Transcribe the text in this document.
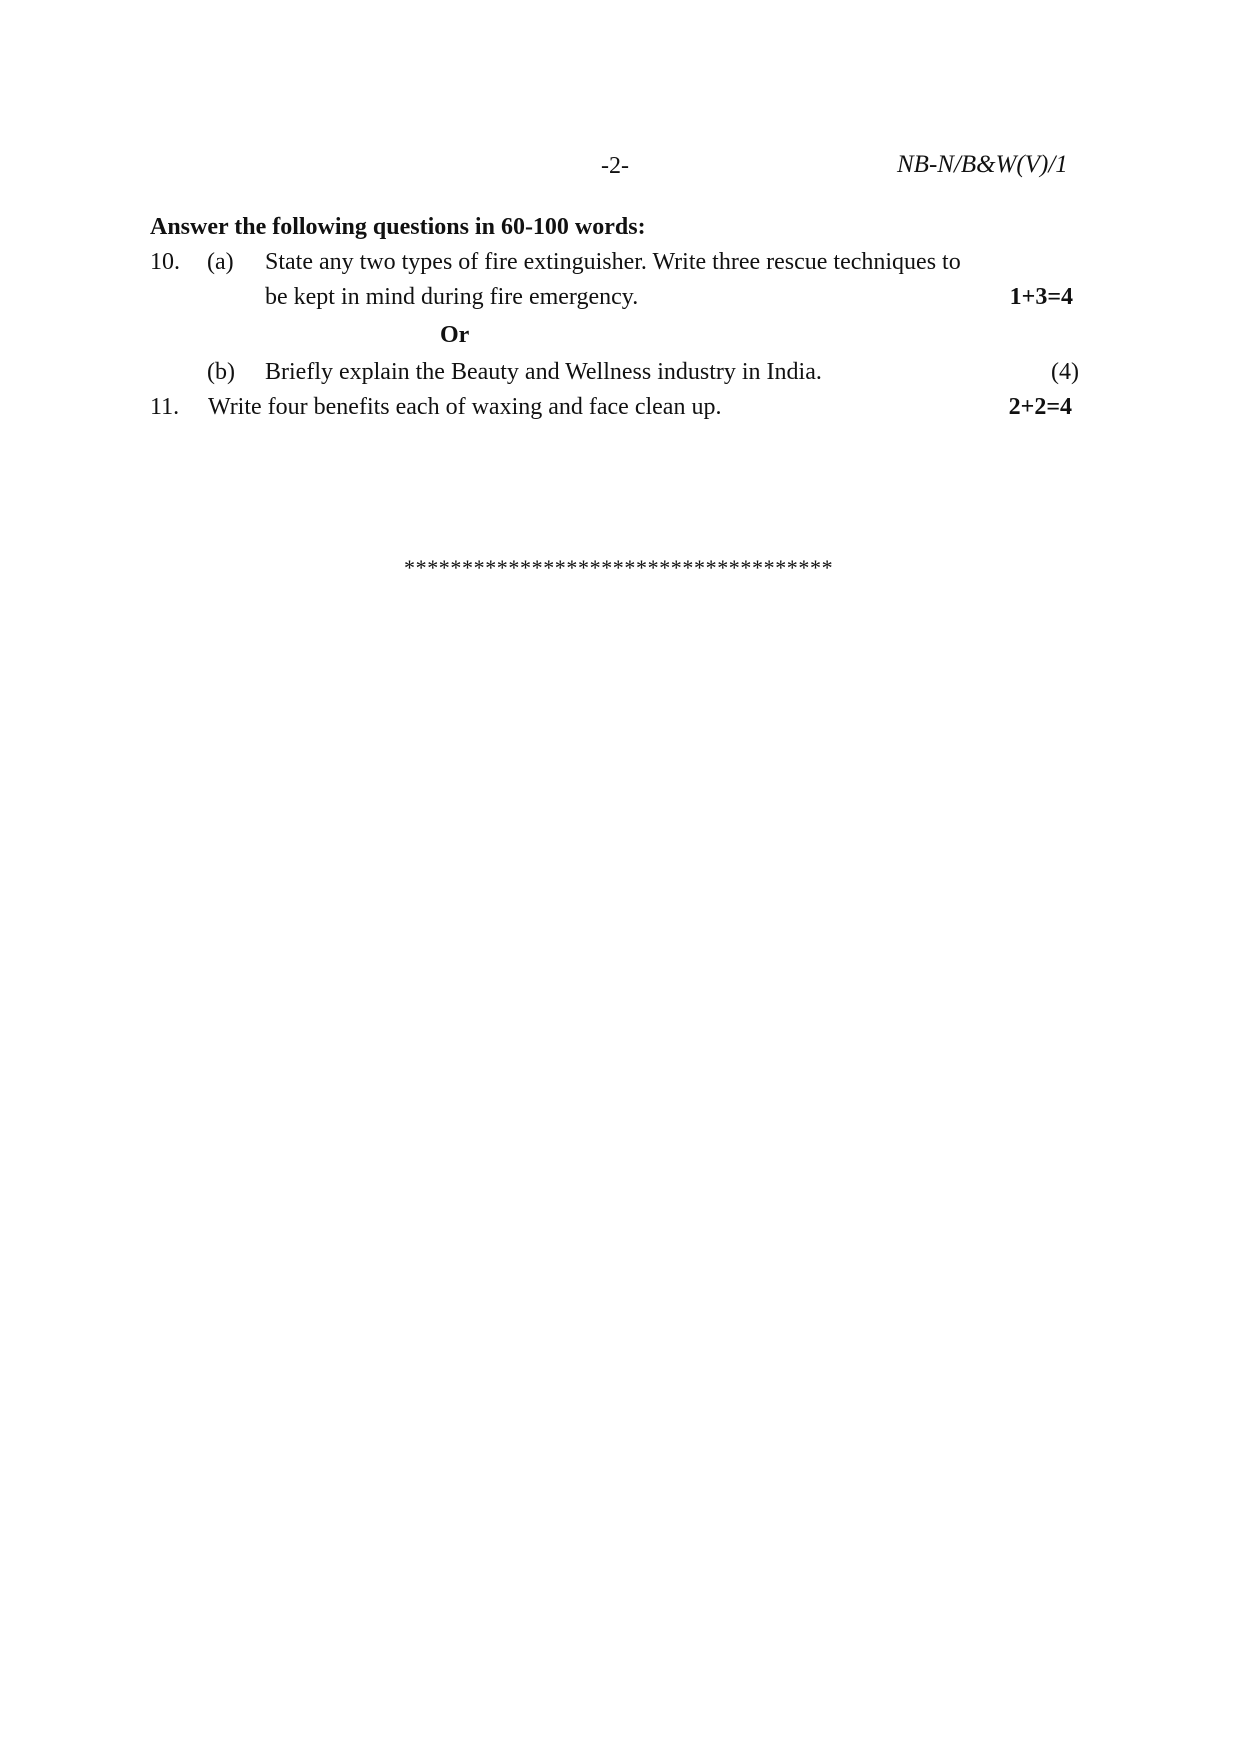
-2-	NB-N/B&W(V)/1
Answer the following questions in 60-100 words:
10. (a) State any two types of fire extinguisher. Write three rescue techniques to
be kept in mind during fire emergency.	1+3=4
Or
(b) Briefly explain the Beauty and Wellness industry in India.	(4)
11. Write four benefits each of waxing and face clean up.	2+2=4
*************************************
